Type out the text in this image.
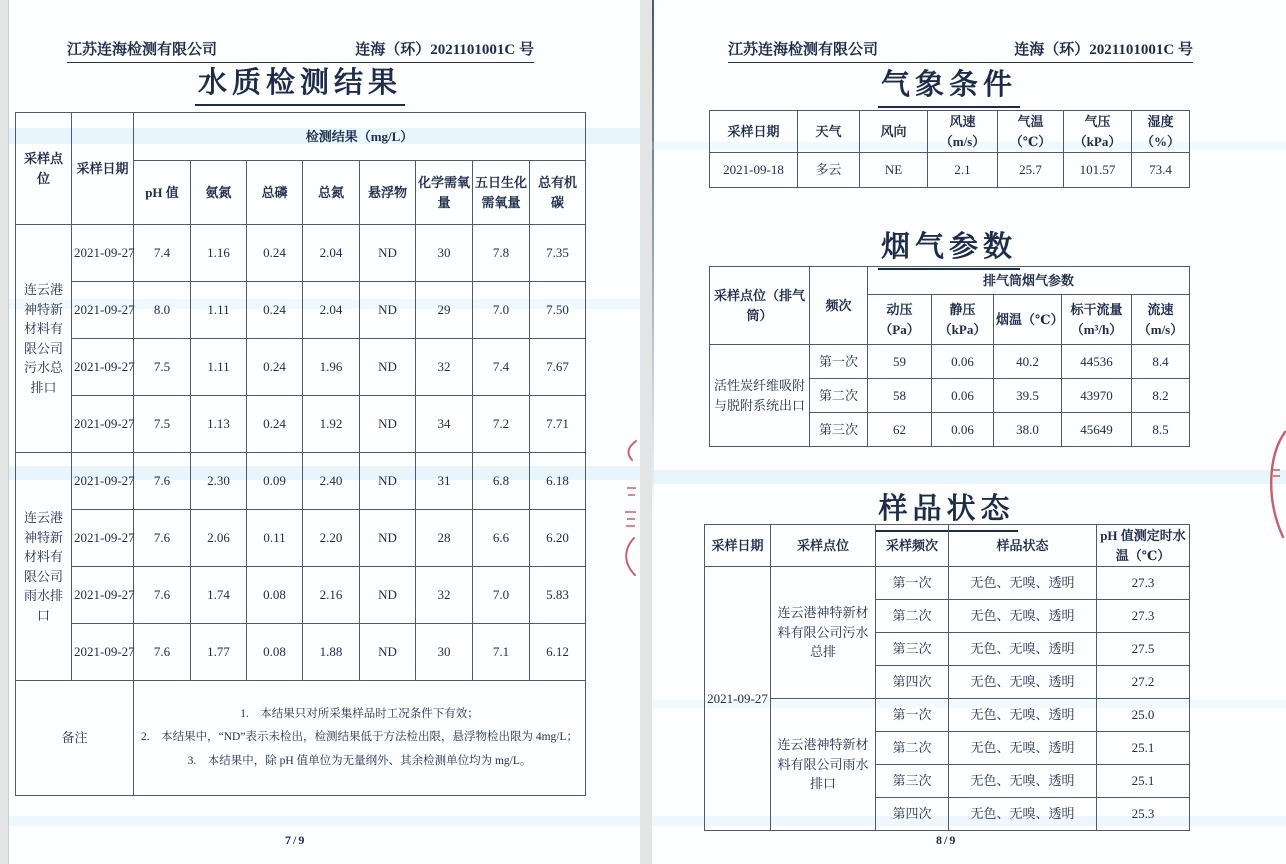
江苏连海检测有限公司	连海（环）2021101001C 号
水质检测结果
采样点位	采样日期	检测结果（mg/L）							
		pH 值	氨氮	总磷	总氮	悬浮物	化学需氧量	五日生化需氧量	总有机碳
连云港神特新材料有限公司污水总排口	2021-09-27	7.4	1.16	0.24	2.04	ND	30	7.8	7.35
	2021-09-27	8.0	1.11	0.24	2.04	ND	29	7.0	7.50
	2021-09-27	7.5	1.11	0.24	1.96	ND	32	7.4	7.67
	2021-09-27	7.5	1.13	0.24	1.92	ND	34	7.2	7.71
连云港神特新材料有限公司雨水排口	2021-09-27	7.6	2.30	0.09	2.40	ND	31	6.8	6.18
	2021-09-27	7.6	2.06	0.11	2.20	ND	28	6.6	6.20
	2021-09-27	7.6	1.74	0.08	2.16	ND	32	7.0	5.83
	2021-09-27	7.6	1.77	0.08	1.88	ND	30	7.1	6.12
备注		1.　本结果只对所采集样品时工况条件下有效；
2.　本结果中，“ND”表示未检出，检测结果低于方法检出限，悬浮物检出限为 4mg/L；
3.　本结果中，除 pH 值单位为无量纲外、其余检测单位均为 mg/L。							
7/9
江苏连海检测有限公司	连海（环）2021101001C 号
气象条件
采样日期	天气	风向	风速（m/s）	气温（℃）	气压（kPa）	湿度（%）
2021-09-18	多云	NE	2.1	25.7	101.57	73.4
烟气参数
采样点位（排气筒）	频次	排气筒烟气参数				
		动压（Pa）	静压（kPa）	烟温（℃）	标干流量（m³/h）	流速（m/s）
活性炭纤维吸附与脱附系统出口	第一次	59	0.06	40.2	44536	8.4
	第二次	58	0.06	39.5	43970	8.2
	第三次	62	0.06	38.0	45649	8.5
样品状态
采样日期	采样点位	采样频次	样品状态	pH 值测定时水温（℃）
2021-09-27	连云港神特新材料有限公司污水总排	第一次	无色、无嗅、透明	27.3
		第二次	无色、无嗅、透明	27.3
		第三次	无色、无嗅、透明	27.5
		第四次	无色、无嗅、透明	27.2
	连云港神特新材料有限公司雨水排口	第一次	无色、无嗅、透明	25.0
		第二次	无色、无嗅、透明	25.1
		第三次	无色、无嗅、透明	25.1
		第四次	无色、无嗅、透明	25.3
8/9
